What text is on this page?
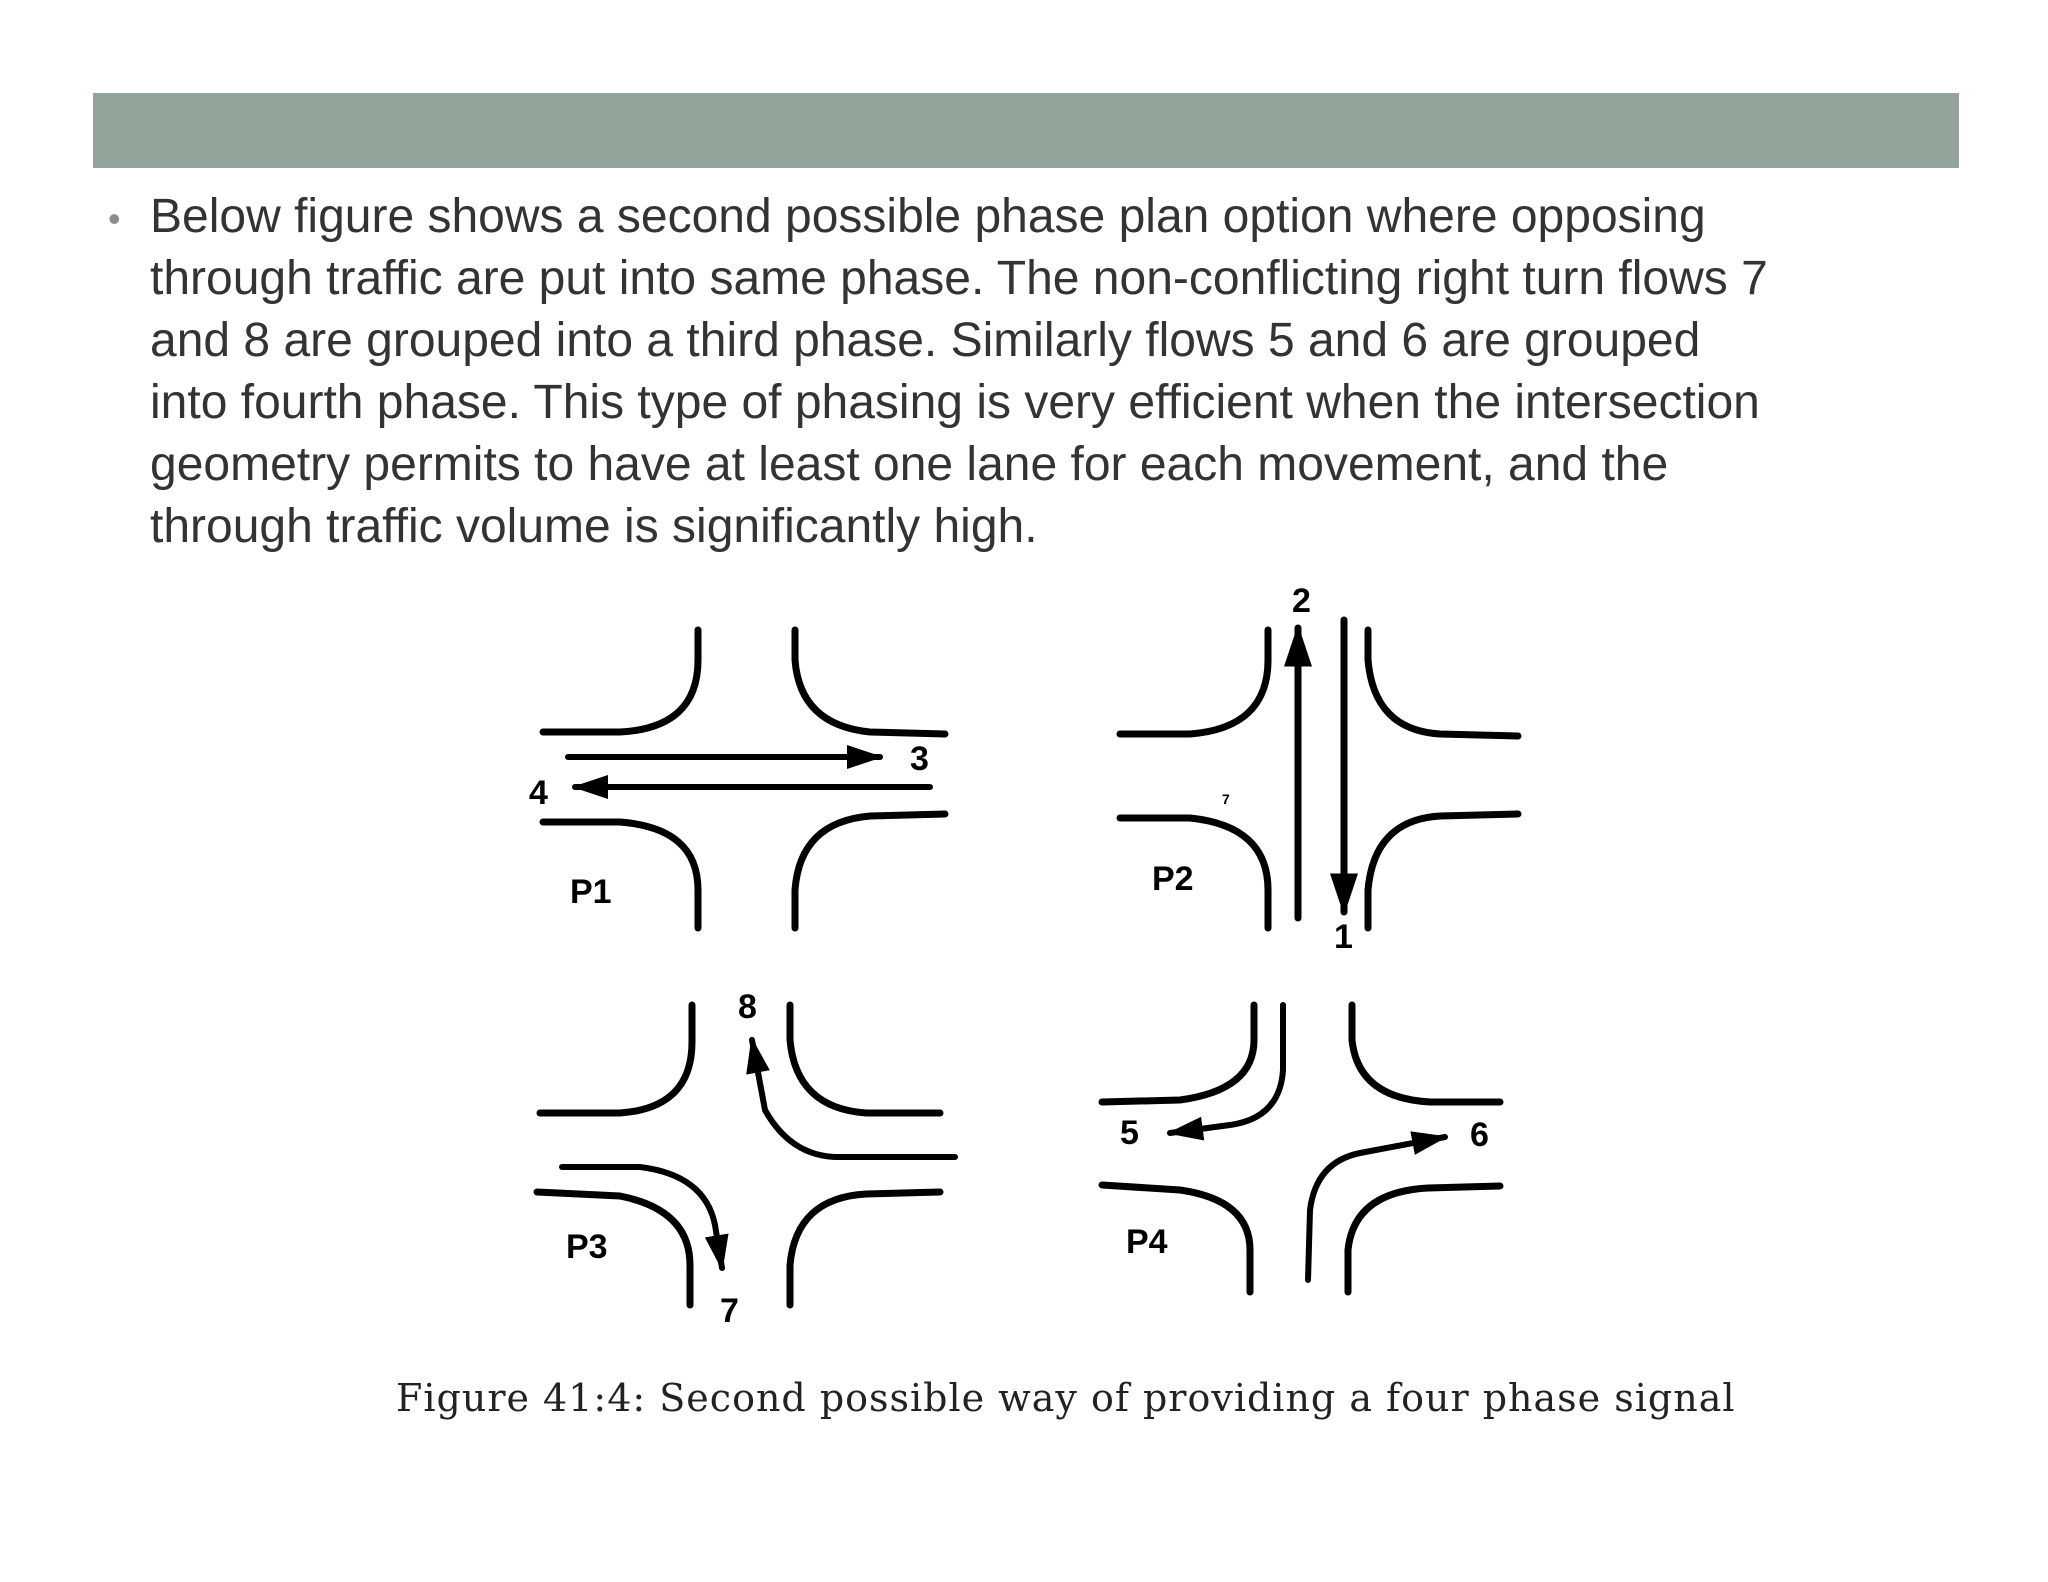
• Below figure shows a second possible phase plan option where opposing through traffic are put into same phase. The non-conflicting right turn flows 7 and 8 are grouped into a third phase. Similarly flows 5 and 6 are grouped into fourth phase. This type of phasing is very efficient when the intersection geometry permits to have at least one lane for each movement, and the through traffic volume is significantly high.

3
4
P1
2
1
7
P2
8
7
P3
5	6
P4
Figure 41:4: Second possible way of providing a four phase signal
